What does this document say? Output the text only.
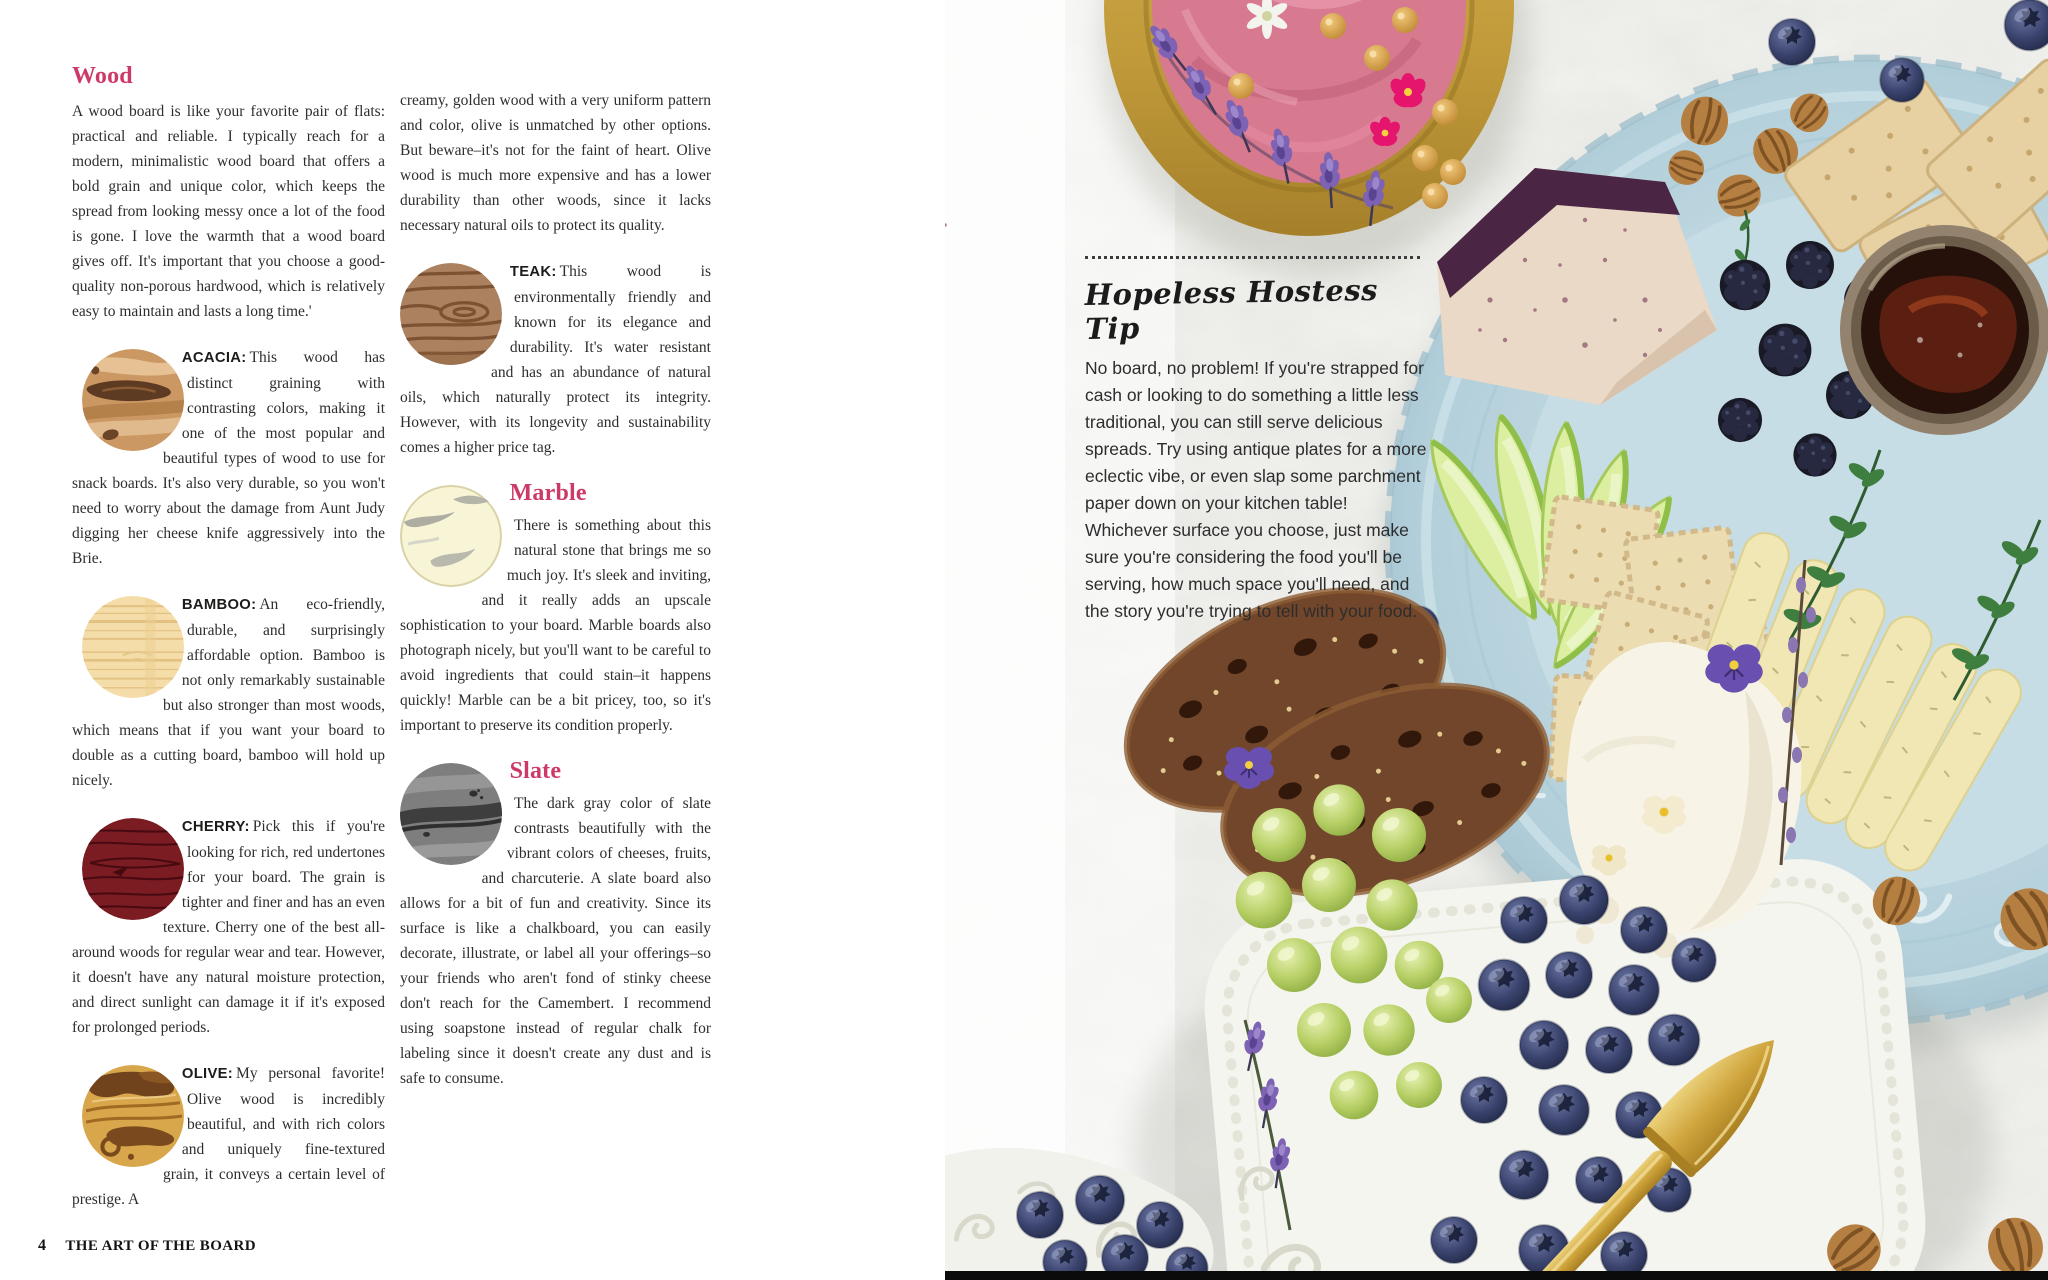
Wood

A wood board is like your favorite pair of flats: practical and reliable. I typically reach for a modern, minimalistic wood board that offers a bold grain and unique color, which keeps the spread from looking messy once a lot of the food is gone. I love the warmth that a wood board gives off. It's important that you choose a good-quality non-porous hardwood, which is relatively easy to maintain and lasts a long time.'

ACACIA: This wood has distinct graining with contrasting colors, making it one of the most popular and beautiful types of wood to use for snack boards. It's also very durable, so you won't need to worry about the damage from Aunt Judy digging her cheese knife aggressively into the Brie.

BAMBOO: An eco-friendly, durable, and surprisingly affordable option. Bamboo is not only remarkably sustainable but also stronger than most woods, which means that if you want your board to double as a cutting board, bamboo will hold up nicely.

CHERRY: Pick this if you're looking for rich, red undertones for your board. The grain is tighter and finer and has an even texture. Cherry one of the best all-around woods for regular wear and tear. However, it doesn't have any natural moisture protection, and direct sunlight can damage it if it's exposed for prolonged periods.

OLIVE: My personal favorite! Olive wood is incredibly beautiful, and with rich colors and uniquely fine-textured grain, it conveys a certain level of prestige. A

creamy, golden wood with a very uniform pattern and color, olive is unmatched by other options. But beware–it's not for the faint of heart. Olive wood is much more expensive and has a lower durability than other woods, since it lacks necessary natural oils to protect its quality.

TEAK: This wood is environmentally friendly and known for its elegance and durability. It's water resistant and has an abundance of natural oils, which naturally protect its integrity. However, with its longevity and sustainability comes a higher price tag.

Marble

There is something about this natural stone that brings me so much joy. It's sleek and inviting, and it really adds an upscale sophistication to your board. Marble boards also photograph nicely, but you'll want to be careful to avoid ingredients that could stain–it happens quickly! Marble can be a bit pricey, too, so it's important to preserve its condition properly.

Slate

The dark gray color of slate contrasts beautifully with the vibrant colors of cheeses, fruits, and charcuterie. A slate board also allows for a bit of fun and creativity. Since its surface is like a chalkboard, you can easily decorate, illustrate, or label all your offerings–so your friends who aren't fond of stinky cheese don't reach for the Camembert. I recommend using soapstone instead of regular chalk for labeling since it doesn't create any dust and is safe to consume.

4 THE ART OF THE BOARD
Hopeless Hostess Tip

No board, no problem! If you're strapped for cash or looking to do something a little less traditional, you can still serve delicious spreads. Try using antique plates for a more eclectic vibe, or even slap some parchment paper down on your kitchen table! Whichever surface you choose, just make sure you're considering the food you'll be serving, how much space you'll need, and the story you're trying to tell with your food.
